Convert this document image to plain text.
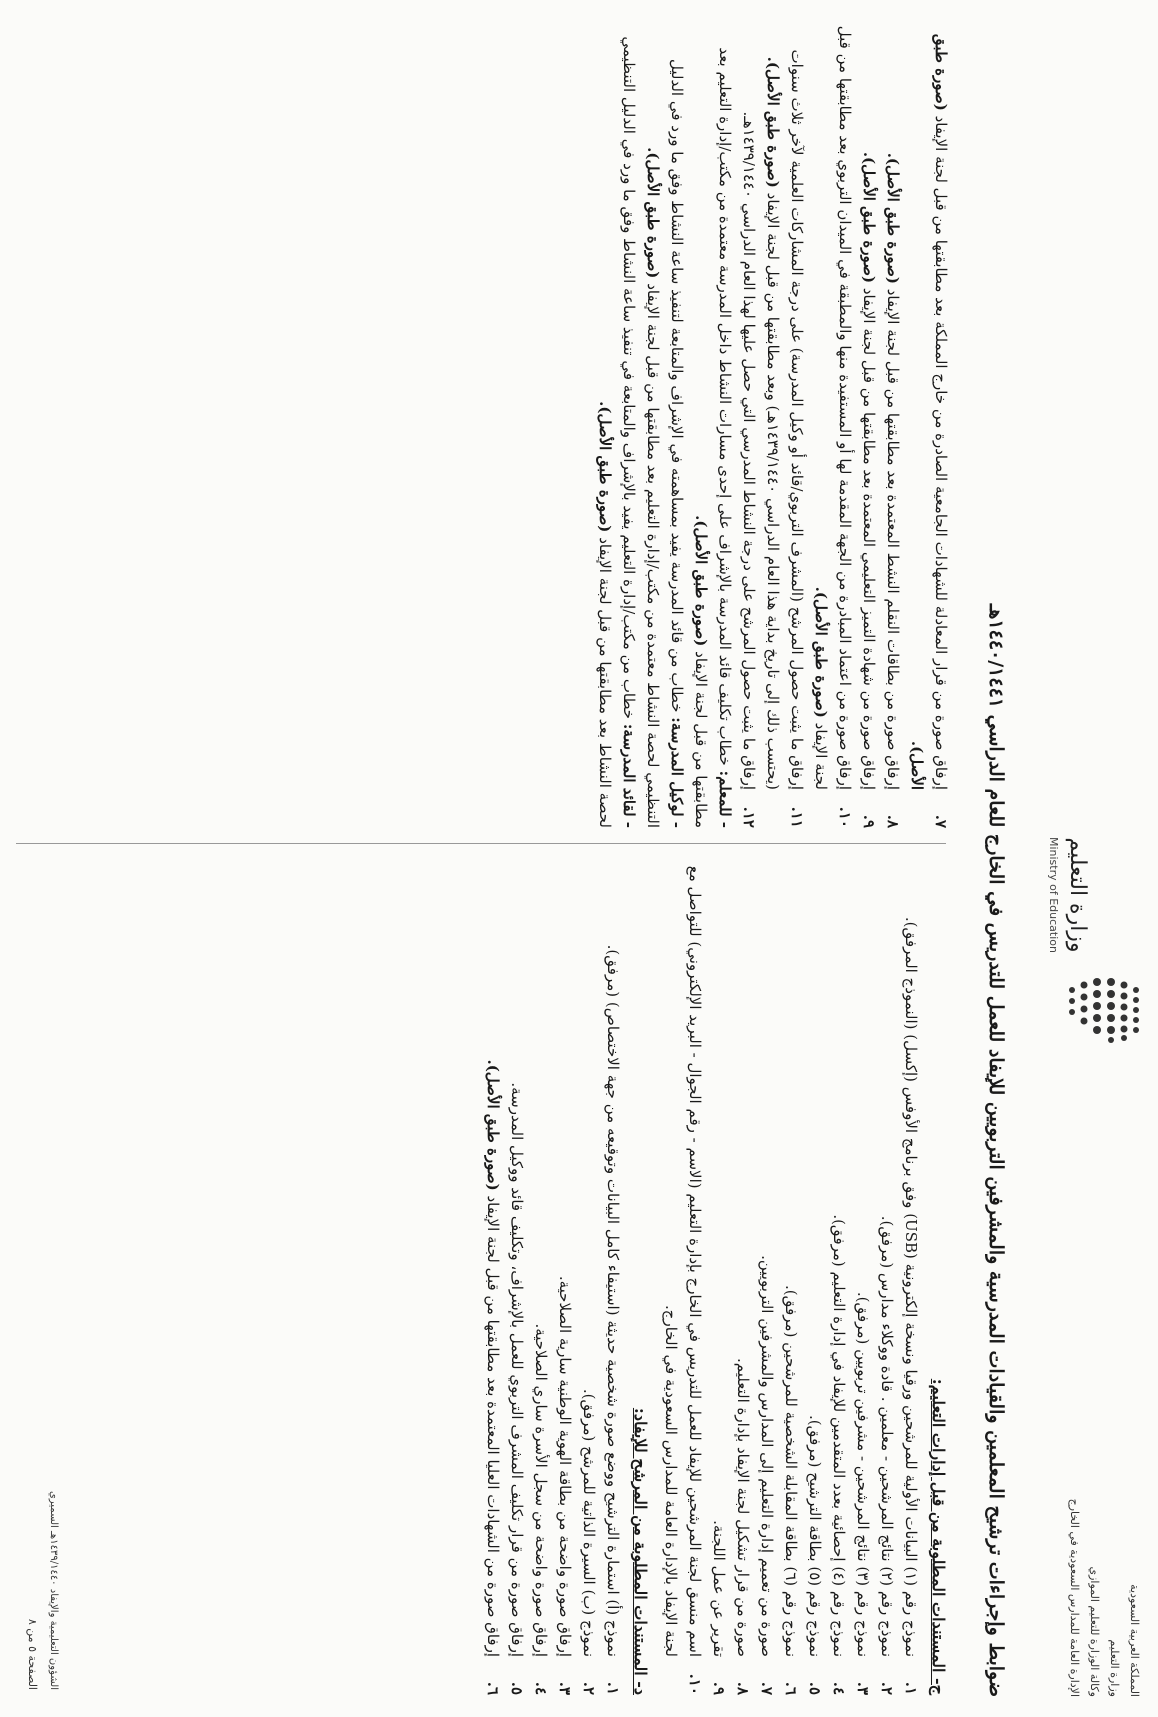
المملكة العربية السعودية
وزارة التعليم
وكالة الوزارة للتعليم الموازي
الإدارة العامة للمدارس السعودية في الخارج
وزارة التعليم
Ministry of Education
ضوابط وإجراءات ترشيح المعلمين والقيادات المدرسية والمشرفين التربويين للإيفاد للعمل للتدريس في الخارج للعام الدراسي ١٤٤٠/١٤٤١هـ
ج- المستندات المطلوبة من قبل إدارات التعليم:
١.
نموذج رقم (١) البيانات الأولية للمرشحين ورقيا ونسخة إلكترونية (USB) وفق برنامج الأوفس (إكسل) (النموذج المرفق).
٢.
نموذج رقم (٢) نتائج المرشحين - معلمين . قادة ووكلاء مدارس (مرفق).
٣.
نموذج رقم (٣) نتائج المرشحين - مشرفين تربويين (مرفق).
٤.
نموذج رقم (٤) إحصائية بعدد المتقدمين للإيفاد في إدارة التعليم (مرفق).
٥.
نموذج رقم (٥) بطاقة الترشيح (مرفق).
٦.
نموذج رقم (٦) بطاقة المقابلة الشخصية للمرشحين (مرفق).
٧.
صورة من تعميم إدارة التعليم إلى المدارس والمشرفين التربويين.
٨.
صورة من قرار تشكيل لجنة الإيفاد بإدارة التعليم.
٩.
تقرير عن عمل اللجنة.
١٠.
اسم منسق لجنة المرشحين للإيفاد للعمل للتدريس في الخارج بإدارة التعليم (الاسم - رقم الجوال - البريد الإلكتروني) للتواصل مع لجنة الإيفاد بالإدارة العامة للمدارس السعودية في الخارج.
د- المستندات المطلوبة من المرشح للإيفاد:
١.
نموذج (أ) استمارة الترشيح ووضع صورة شخصية حديثة (استيفاء كامل البيانات وتوقيعه من جهة الاختصاص) (مرفق).
٢.
نموذج (ب) السيرة الذاتية للمرشح (مرفق).
٣.
إرفاق صورة واضحة من بطاقة الهوية الوطنية سارية الصلاحية.
٤.
إرفاق صورة واضحة من سجل الأسرة ساري الصلاحية.
٥.
إرفاق صورة من قرار تكليف المشرف التربوي للعمل بالإشراف، وتكليف قائد ووكيل المدرسة.
٦.
إرفاق صورة من الشهادات العليا المعتمدة بعد مطابقتها من قبل لجنة الإيفاد (صورة طبق الأصل).
الشؤون التعليمية والإيفاد ١٤٣٩/١٤٤٠هـ السميري
الصفحة ٥ من ٨
٧.
إرفاق صورة من قرار المعادلة للشهادات الجامعية الصادرة من خارج المملكة بعد مطابقتها من قبل لجنة الإيفاد (صورة طبق الأصل).
٨.
إرفاق صورة من بطاقات النقلم النشط المعتمدة بعد مطابقتها من قبل لجنة الإيفاد (صورة طبق الأصل).
٩.
إرفاق صورة من شهادة التميز التعليمي المعتمدة بعد مطابقتها من قبل لجنة الإيفاد (صورة طبق الأصل).
١٠.
إرفاق صورة من اعتماد المبادرة من الجهة المقدمة لها أو المستفيدة منها والمطبقة في الميدان التربوي بعد مطابقتها من قبل لجنة الإيفاد (صورة طبق الأصل).
١١.
إرفاق ما يثبت حصول المرشح (المشرف التربوي/قائد أو وكيل المدرسة) على درجة المشاركات العلمية لآخر ثلاث سنوات (يحتسب ذلك إلى تاريخ بداية هذا العام الدراسي ١٤٣٩/١٤٤٠هـ) وبعد مطابقتها من قبل لجنة الإيفاد (صورة طبق الأصل).
١٢.
إرفاق ما يثبت حصول المرشح على درجة النشاط المدرسي التي حصل عليها لهذا العام الدراسي ١٤٣٩/١٤٤٠هـ.
- للمعلم: خطاب تكليف قائد المدرسة بالإشراف على إحدى مسارات النشاط داخل المدرسة معتمدة من مكتب/إدارة التعليم بعد مطابقتها من قبل لجنة الإيفاد (صورة طبق الأصل).
- لوكيل المدرسة: خطاب من قائد المدرسة يفيد بمساهمته في الإشراف والمتابعة لتنفيذ ساعة النشاط وفق ما ورد في الدليل التنظيمي لحصة النشاط معتمدة من مكتب/إدارة التعليم بعد مطابقتها من قبل لجنة الإيفاد (صورة طبق الأصل).
- لقائد المدرسة: خطاب من مكتب/إدارة التعليم يفيد بالإشراف والمتابعة في تنفيذ ساعة النشاط وفق ما ورد في الدليل التنظيمي لحصة النشاط بعد مطابقتها من قبل لجنة الإيفاد (صورة طبق الأصل).
